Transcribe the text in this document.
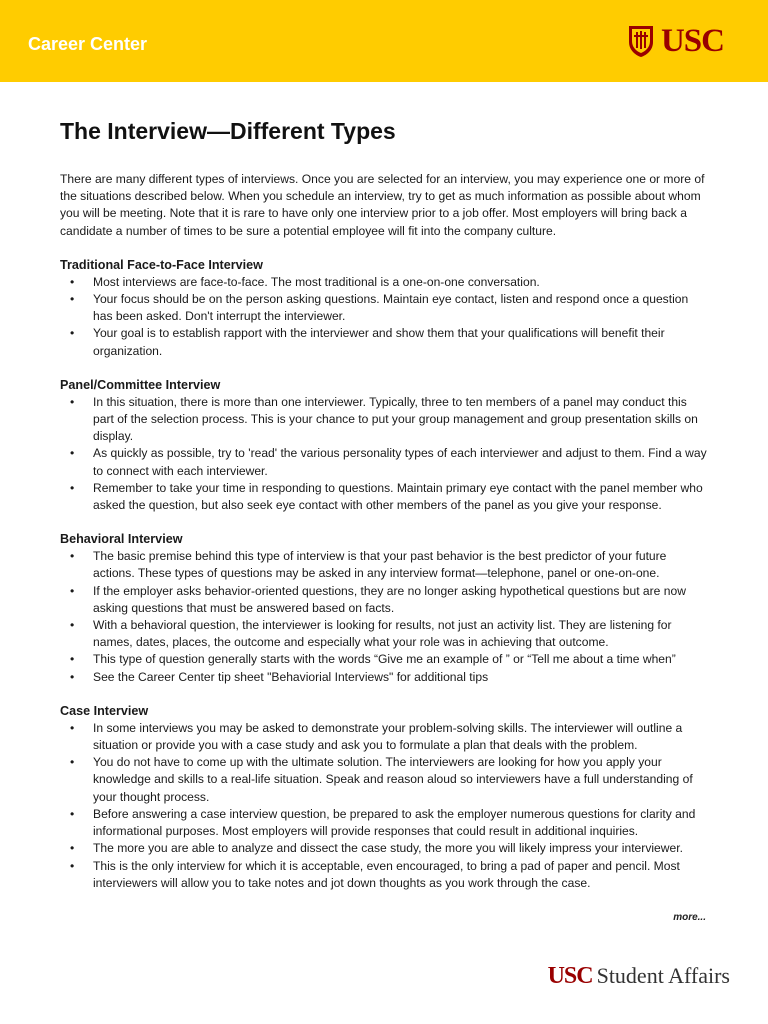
Career Center	USC
The Interview—Different Types

There are many different types of interviews. Once you are selected for an interview, you may experience one or more of the situations described below. When you schedule an interview, try to get as much information as possible about whom you will be meeting. Note that it is rare to have only one interview prior to a job offer. Most employers will bring back a candidate a number of times to be sure a potential employee will fit into the company culture.

Traditional Face-to-Face Interview
• Most interviews are face-to-face. The most traditional is a one-on-one conversation.
• Your focus should be on the person asking questions. Maintain eye contact, listen and respond once a question has been asked. Don't interrupt the interviewer.
• Your goal is to establish rapport with the interviewer and show them that your qualifications will benefit their organization.
Panel/Committee Interview
• In this situation, there is more than one interviewer. Typically, three to ten members of a panel may conduct this part of the selection process. This is your chance to put your group management and group presentation skills on display.
• As quickly as possible, try to 'read' the various personality types of each interviewer and adjust to them. Find a way to connect with each interviewer.
• Remember to take your time in responding to questions. Maintain primary eye contact with the panel member who asked the question, but also seek eye contact with other members of the panel as you give your response.
Behavioral Interview
• The basic premise behind this type of interview is that your past behavior is the best predictor of your future actions. These types of questions may be asked in any interview format—telephone, panel or one-on-one.
• If the employer asks behavior-oriented questions, they are no longer asking hypothetical questions but are now asking questions that must be answered based on facts.
• With a behavioral question, the interviewer is looking for results, not just an activity list. They are listening for names, dates, places, the outcome and especially what your role was in achieving that outcome.
• This type of question generally starts with the words “Give me an example of ” or “Tell me about a time when”
• See the Career Center tip sheet "Behaviorial Interviews" for additional tips
Case Interview
• In some interviews you may be asked to demonstrate your problem-solving skills. The interviewer will outline a situation or provide you with a case study and ask you to formulate a plan that deals with the problem.
• You do not have to come up with the ultimate solution. The interviewers are looking for how you apply your knowledge and skills to a real-life situation. Speak and reason aloud so interviewers have a full understanding of your thought process.
• Before answering a case interview question, be prepared to ask the employer numerous questions for clarity and informational purposes. Most employers will provide responses that could result in additional inquiries.
• The more you are able to analyze and dissect the case study, the more you will likely impress your interviewer.
• This is the only interview for which it is acceptable, even encouraged, to bring a pad of paper and pencil. Most interviewers will allow you to take notes and jot down thoughts as you work through the case.
more...
USC Student Affairs
